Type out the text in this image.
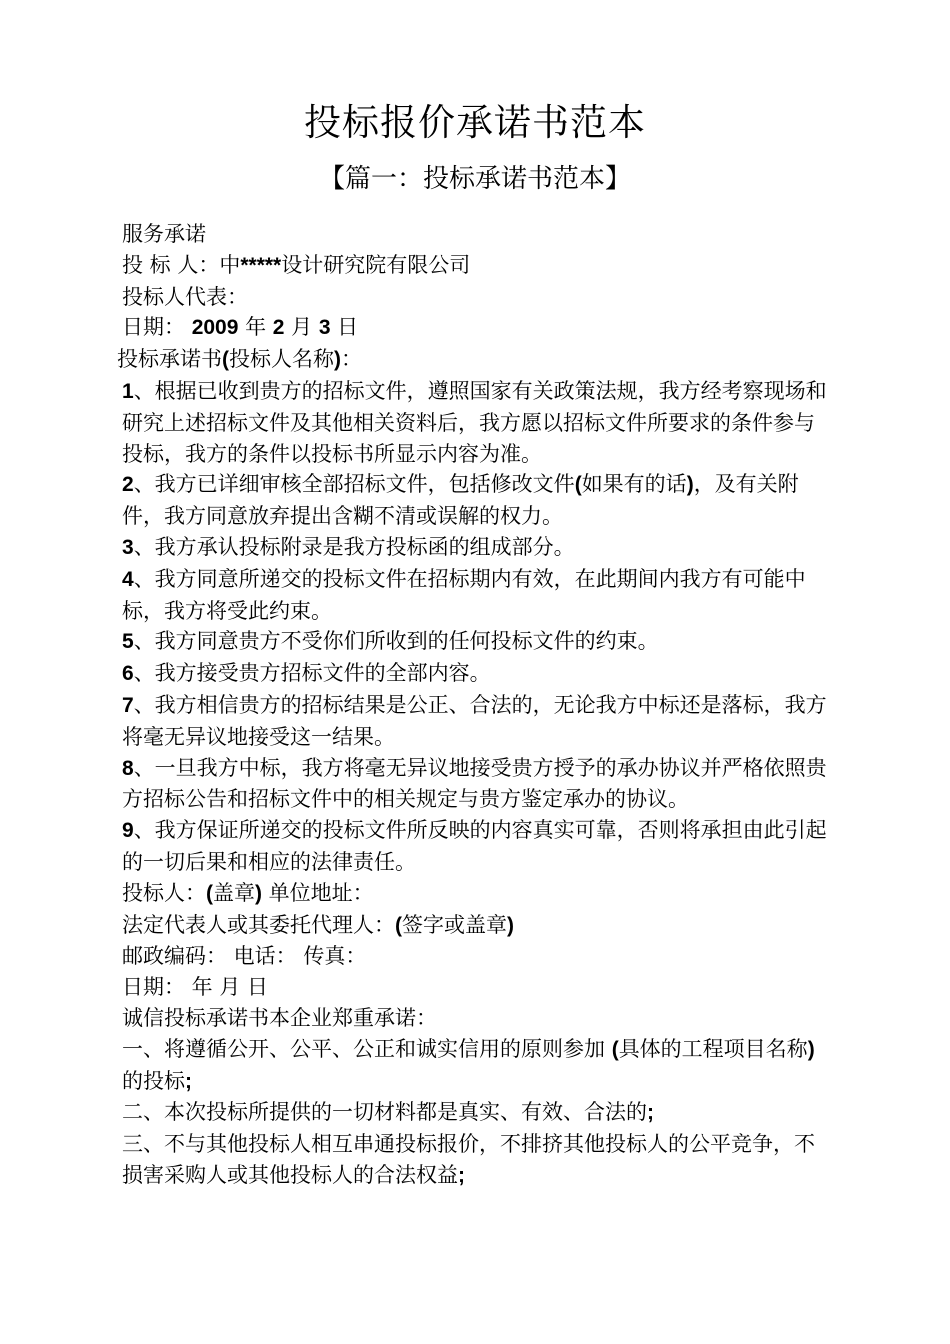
投标报价承诺书范本
【篇一：投标承诺书范本】

服务承诺

投 标 人：中*****设计研究院有限公司

投标人代表：

日期： 2009 年 2 月 3 日

投标承诺书(投标人名称)：

1、根据已收到贵方的招标文件，遵照国家有关政策法规，我方经考察现场和研究上述招标文件及其他相关资料后，我方愿以招标文件所要求的条件参与投标，我方的条件以投标书所显示内容为准。

2、我方已详细审核全部招标文件，包括修改文件(如果有的话)，及有关附件，我方同意放弃提出含糊不清或误解的权力。

3、我方承认投标附录是我方投标函的组成部分。

4、我方同意所递交的投标文件在招标期内有效，在此期间内我方有可能中标，我方将受此约束。

5、我方同意贵方不受你们所收到的任何投标文件的约束。

6、我方接受贵方招标文件的全部内容。

7、我方相信贵方的招标结果是公正、合法的，无论我方中标还是落标，我方将毫无异议地接受这一结果。

8、一旦我方中标，我方将毫无异议地接受贵方授予的承办协议并严格依照贵方招标公告和招标文件中的相关规定与贵方鉴定承办的协议。

9、我方保证所递交的投标文件所反映的内容真实可靠，否则将承担由此引起的一切后果和相应的法律责任。

投标人：(盖章) 单位地址：

法定代表人或其委托代理人：(签字或盖章)

邮政编码： 电话： 传真：

日期： 年 月 日

诚信投标承诺书本企业郑重承诺：

一、将遵循公开、公平、公正和诚实信用的原则参加 (具体的工程项目名称)的投标;

二、本次投标所提供的一切材料都是真实、有效、合法的;

三、不与其他投标人相互串通投标报价，不排挤其他投标人的公平竞争，不损害采购人或其他投标人的合法权益;
